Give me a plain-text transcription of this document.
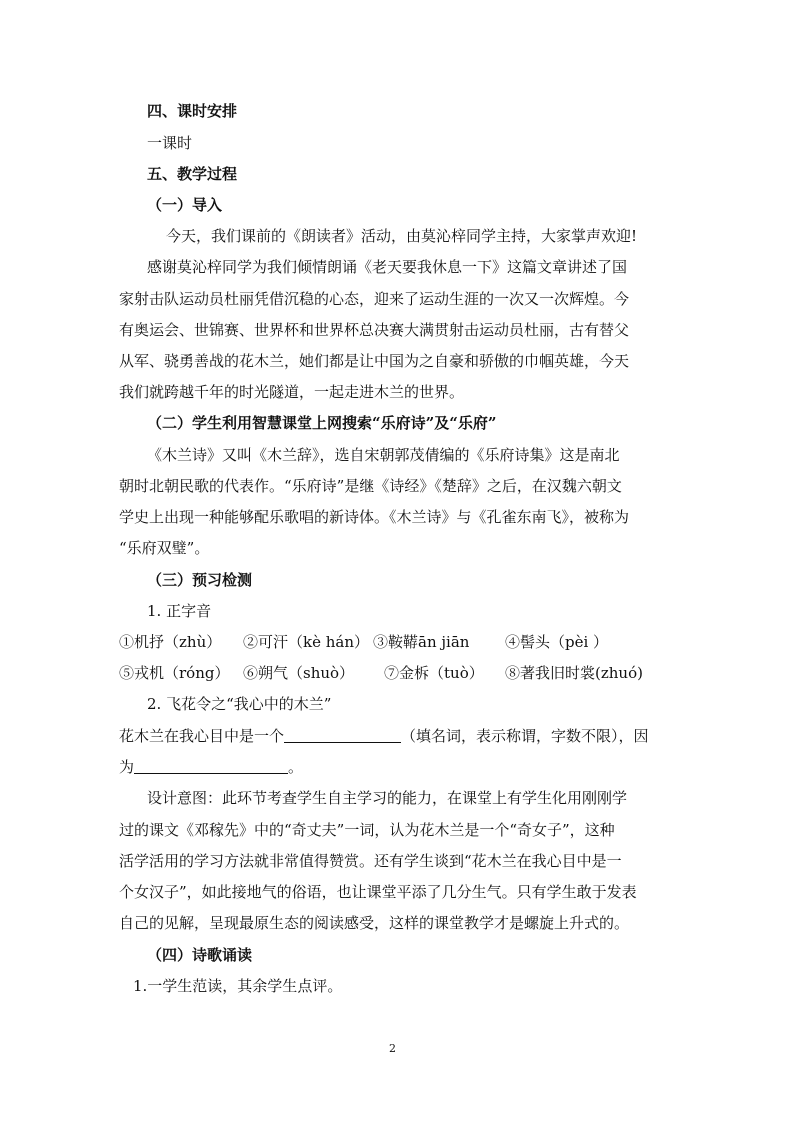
四、课时安排
一课时
五、教学过程
（一）导入
今天，我们课前的《朗读者》活动，由莫沁梓同学主持，大家掌声欢迎!
感谢莫沁梓同学为我们倾情朗诵《老天要我休息一下》这篇文章讲述了国
家射击队运动员杜丽凭借沉稳的心态，迎来了运动生涯的一次又一次辉煌。今
有奥运会、世锦赛、世界杯和世界杯总决赛大满贯射击运动员杜丽，古有替父
从军、骁勇善战的花木兰，她们都是让中国为之自豪和骄傲的巾帼英雄，今天
我们就跨越千年的时光隧道，一起走进木兰的世界。
（二）学生利用智慧课堂上网搜索“乐府诗”及“乐府”
《木兰诗》又叫《木兰辞》，选自宋朝郭茂倩编的《乐府诗集》这是南北
朝时北朝民歌的代表作。“乐府诗”是继《诗经》《楚辞》之后，在汉魏六朝文
学史上出现一种能够配乐歌唱的新诗体。《木兰诗》与《孔雀东南飞》，被称为
“乐府双璧”。
（三）预习检测
1. 正字音
①机抒（zhù） ②可汗（kè hán） ③鞍鞯ān jiān ④髻头（pèi ）
⑤戎机（róng） ⑥朔气（shuò） ⑦金柝（tuò） ⑧著我旧时裳(zhuó)
2. 飞花令之“我心中的木兰”
花木兰在我心目中是一个	（填名词，表示称谓，字数不限），因
为	。
设计意图：此环节考查学生自主学习的能力，在课堂上有学生化用刚刚学
过的课文《邓稼先》中的“奇丈夫”一词，认为花木兰是一个“奇女子”，这种
活学活用的学习方法就非常值得赞赏。还有学生谈到“花木兰在我心目中是一
个女汉子”，如此接地气的俗语，也让课堂平添了几分生气。只有学生敢于发表
自己的见解，呈现最原生态的阅读感受，这样的课堂教学才是螺旋上升式的。
（四）诗歌诵读
1.一学生范读，其余学生点评。
2
